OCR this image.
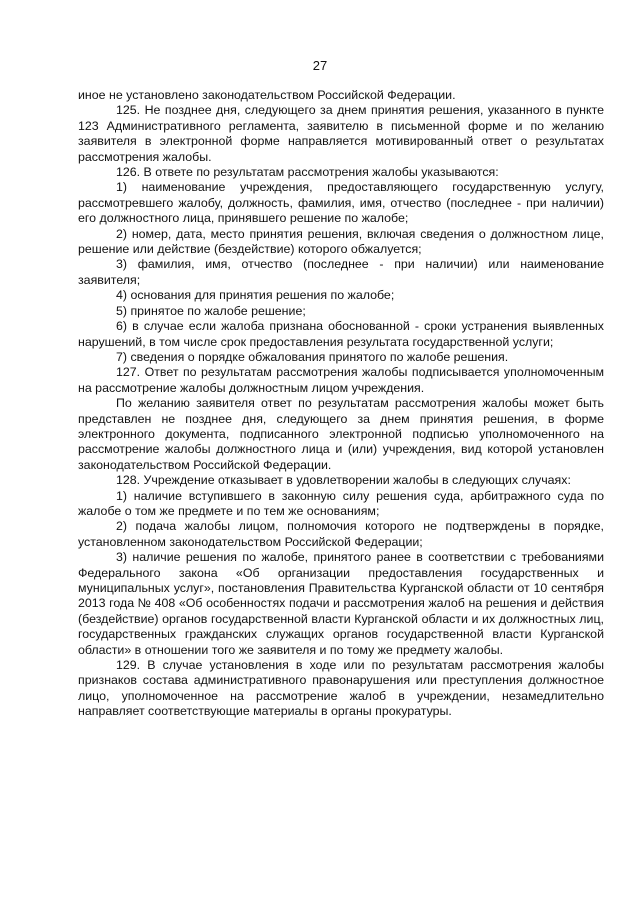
27

иное не установлено законодательством Российской Федерации.

125. Не позднее дня, следующего за днем принятия решения, указанного в пункте 123 Административного регламента, заявителю в письменной форме и по желанию заявителя в электронной форме направляется мотивированный ответ о результатах рассмотрения жалобы.

126. В ответе по результатам рассмотрения жалобы указываются:

1) наименование учреждения, предоставляющего государственную услугу, рассмотревшего жалобу, должность, фамилия, имя, отчество (последнее - при наличии) его должностного лица, принявшего решение по жалобе;

2) номер, дата, место принятия решения, включая сведения о должностном лице, решение или действие (бездействие) которого обжалуется;

3) фамилия, имя, отчество (последнее - при наличии) или наименование заявителя;

4) основания для принятия решения по жалобе;

5) принятое по жалобе решение;

6) в случае если жалоба признана обоснованной - сроки устранения выявленных нарушений, в том числе срок предоставления результата государственной услуги;

7) сведения о порядке обжалования принятого по жалобе решения.

127. Ответ по результатам рассмотрения жалобы подписывается уполномоченным на рассмотрение жалобы должностным лицом учреждения.

По желанию заявителя ответ по результатам рассмотрения жалобы может быть представлен не позднее дня, следующего за днем принятия решения, в форме электронного документа, подписанного электронной подписью уполномоченного на рассмотрение жалобы должностного лица и (или) учреждения, вид которой установлен законодательством Российской Федерации.

128. Учреждение отказывает в удовлетворении жалобы в следующих случаях:

1) наличие вступившего в законную силу решения суда, арбитражного суда по жалобе о том же предмете и по тем же основаниям;

2) подача жалобы лицом, полномочия которого не подтверждены в порядке, установленном законодательством Российской Федерации;

3) наличие решения по жалобе, принятого ранее в соответствии с требованиями Федерального закона «Об организации предоставления государственных и муниципальных услуг», постановления Правительства Курганской области от 10 сентября 2013 года № 408 «Об особенностях подачи и рассмотрения жалоб на решения и действия (бездействие) органов государственной власти Курганской области и их должностных лиц, государственных гражданских служащих органов государственной власти Курганской области» в отношении того же заявителя и по тому же предмету жалобы.

129. В случае установления в ходе или по результатам рассмотрения жалобы признаков состава административного правонарушения или преступления должностное лицо, уполномоченное на рассмотрение жалоб в учреждении, незамедлительно направляет соответствующие материалы в органы прокуратуры.
